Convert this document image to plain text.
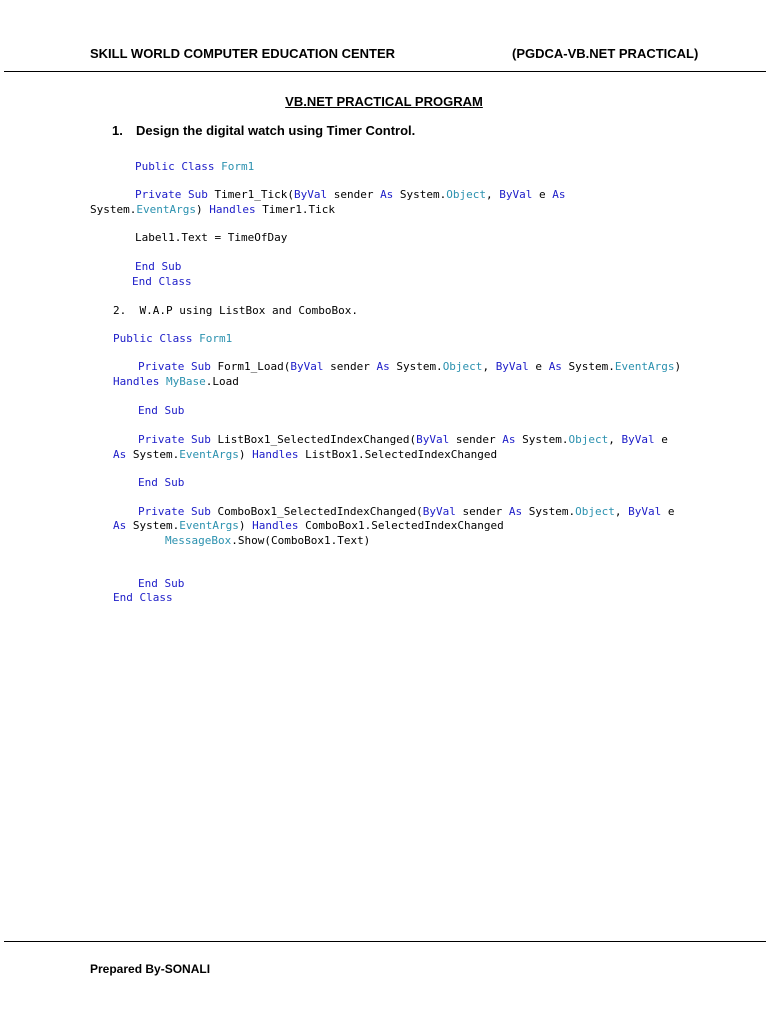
SKILL WORLD COMPUTER EDUCATION CENTER	(PGDCA-VB.NET PRACTICAL)
VB.NET PRACTICAL PROGRAM
1. Design the digital watch using Timer Control.
Public Class Form1
Private Sub Timer1_Tick(ByVal sender As System.Object, ByVal e As
System.EventArgs) Handles Timer1.Tick
Label1.Text = TimeOfDay
End Sub
End Class
2.  W.A.P using ListBox and ComboBox.
Public Class Form1
Private Sub Form1_Load(ByVal sender As System.Object, ByVal e As System.EventArgs)
Handles MyBase.Load
End Sub
Private Sub ListBox1_SelectedIndexChanged(ByVal sender As System.Object, ByVal e
As System.EventArgs) Handles ListBox1.SelectedIndexChanged
End Sub
Private Sub ComboBox1_SelectedIndexChanged(ByVal sender As System.Object, ByVal e
As System.EventArgs) Handles ComboBox1.SelectedIndexChanged
MessageBox.Show(ComboBox1.Text)
End Sub
End Class
Prepared By-SONALI
